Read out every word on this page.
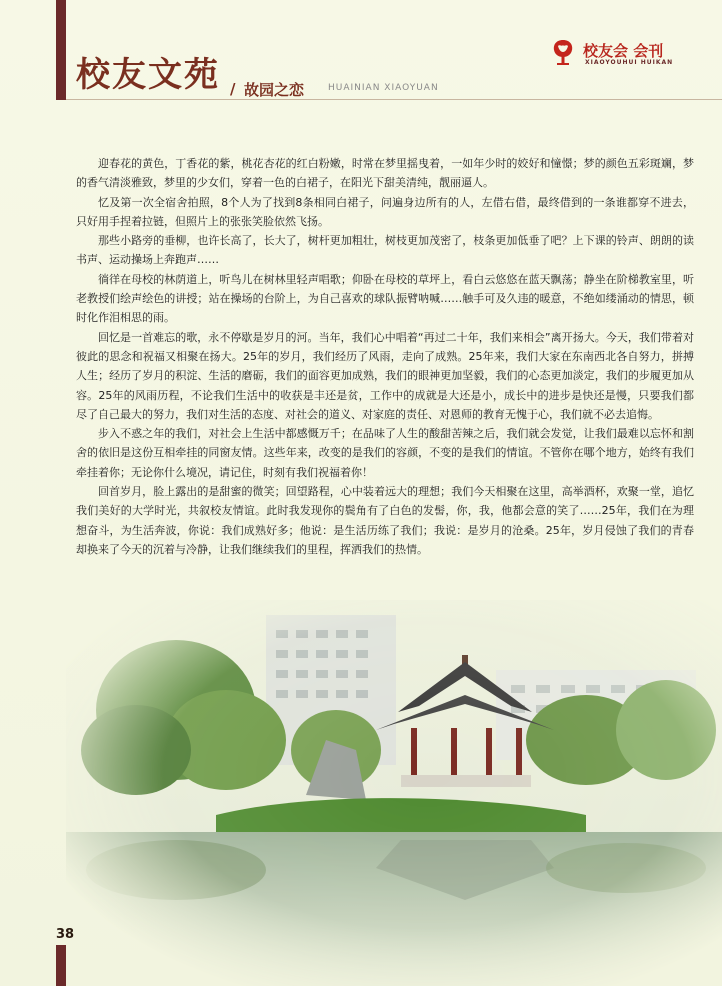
校友文苑 / 故园之恋	HUAINIAN XIAOYUAN
校友会 会刊
XIAOYOUHUI HUIKAN

迎春花的黄色，丁香花的紫，桃花杏花的红白粉嫩，时常在梦里摇曳着，一如年少时的姣好和憧憬；梦的颜色五彩斑斓，梦的香气清淡雅致，梦里的少女们，穿着一色的白裙子，在阳光下甜美清纯，靓丽逼人。

忆及第一次全宿舍拍照，8个人为了找到8条相同白裙子，问遍身边所有的人，左借右借，最终借到的一条谁都穿不进去，只好用手捏着拉链，但照片上的张张笑脸依然飞扬。

那些小路旁的垂柳，也许长高了，长大了，树杆更加粗壮，树枝更加茂密了，枝条更加低垂了吧？上下课的铃声、朗朗的读书声、运动操场上奔跑声……

徜徉在母校的林荫道上，听鸟儿在树林里轻声唱歌；仰卧在母校的草坪上，看白云悠悠在蓝天飘荡；静坐在阶梯教室里，听老教授们绘声绘色的讲授；站在操场的台阶上，为自己喜欢的球队振臂呐喊……触手可及久违的暖意，不绝如缕涌动的情思，顿时化作泪相思的雨。

回忆是一首难忘的歌，永不停歇是岁月的河。当年，我们心中唱着“再过二十年，我们来相会”离开扬大。今天，我们带着对彼此的思念和祝福又相聚在扬大。25年的岁月，我们经历了风雨，走向了成熟。25年来，我们大家在东南西北各自努力，拼搏人生；经历了岁月的积淀、生活的磨砺，我们的面容更加成熟，我们的眼神更加坚毅，我们的心态更加淡定，我们的步履更加从容。25年的风雨历程，不论我们生活中的收获是丰还是贫，工作中的成就是大还是小，成长中的进步是快还是慢，只要我们都尽了自己最大的努力，我们对生活的态度、对社会的道义、对家庭的责任、对恩师的教育无愧于心，我们就不必去追悔。

步入不惑之年的我们，对社会上生活中都感慨万千；在品味了人生的酸甜苦辣之后，我们就会发觉，让我们最难以忘怀和割舍的依旧是这份互相牵挂的同窗友情。这些年来，改变的是我们的容颜，不变的是我们的情谊。不管你在哪个地方，始终有我们牵挂着你；无论你什么境况，请记住，时刻有我们祝福着你！

回首岁月，脸上露出的是甜蜜的微笑；回望路程，心中装着远大的理想；我们今天相聚在这里，高举酒杯，欢聚一堂，追忆我们美好的大学时光，共叙校友情谊。此时我发现你的鬓角有了白色的发髻，你，我，他都会意的笑了……25年，我们在为理想奋斗，为生活奔波，你说：我们成熟好多；他说：是生活历练了我们；我说：是岁月的沧桑。25年，岁月侵蚀了我们的青春却换来了今天的沉着与冷静，让我们继续我们的里程，挥洒我们的热情。

38
